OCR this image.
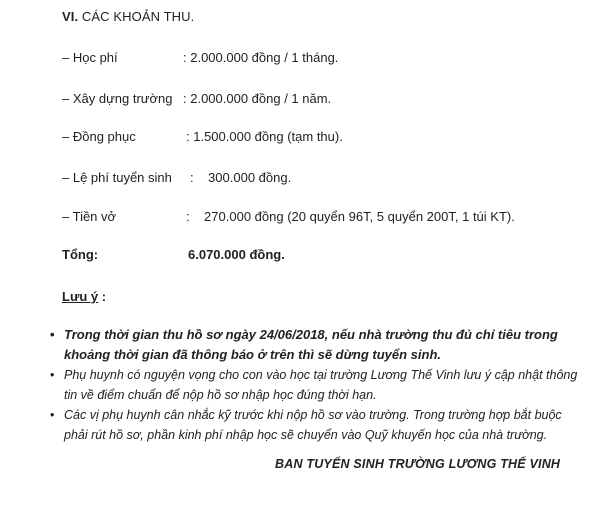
VI. CÁC KHOẢN THU.
– Học phí	: 2.000.000 đồng / 1 tháng.
– Xây dựng trường : 2.000.000 đồng / 1 năm.
– Đồng phục	: 1.500.000 đồng (tạm thu).
– Lệ phí tuyển sinh :    300.000 đồng.
– Tiền vở	:    270.000 đồng (20 quyển 96T, 5 quyển 200T, 1 túi KT).
Tổng:	6.070.000 đồng.
Lưu ý :
• Trong thời gian thu hồ sơ ngày 24/06/2018, nếu nhà trường thu đủ chỉ tiêu trong khoảng thời gian đã thông báo ở trên thì sẽ dừng tuyển sinh.
• Phụ huynh có nguyện vọng cho con vào học tại trường Lương Thế Vinh lưu ý cập nhật thông tin về điểm chuẩn để nộp hồ sơ nhập học đúng thời hạn.
• Các vị phụ huynh cân nhắc kỹ trước khi nộp hồ sơ vào trường. Trong trường hợp bắt buộc phải rút hồ sơ, phần kinh phí nhập học sẽ chuyển vào Quỹ khuyến học của nhà trường.
BAN TUYỂN SINH TRƯỜNG LƯƠNG THẾ VINH
